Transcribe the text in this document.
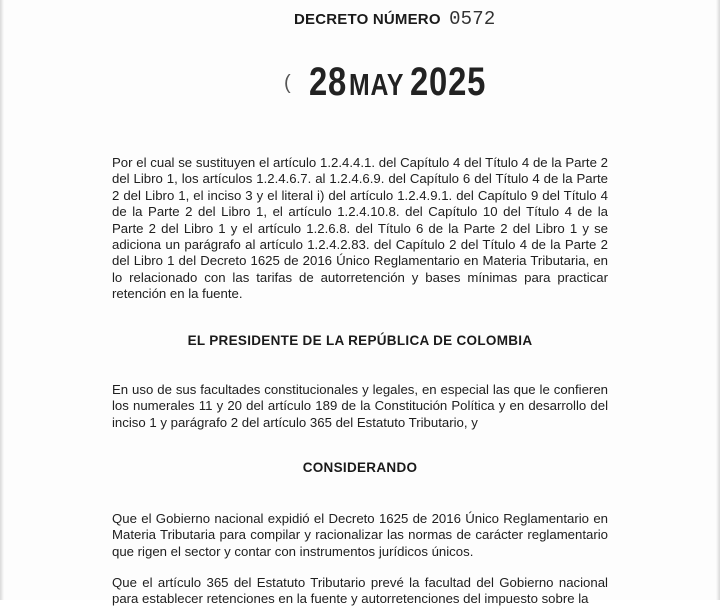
DECRETO NÚMERO 0572
( 28MAY 2025
Por el cual se sustituyen el artículo 1.2.4.4.1. del Capítulo 4 del Título 4 de la Parte 2 del Libro 1, los artículos 1.2.4.6.7. al 1.2.4.6.9. del Capítulo 6 del Título 4 de la Parte 2 del Libro 1, el inciso 3 y el literal i) del artículo 1.2.4.9.1. del Capítulo 9 del Título 4 de la Parte 2 del Libro 1, el artículo 1.2.4.10.8. del Capítulo 10 del Título 4 de la Parte 2 del Libro 1 y el artículo 1.2.6.8. del Título 6 de la Parte 2 del Libro 1 y se adiciona un parágrafo al artículo 1.2.4.2.83. del Capítulo 2 del Título 4 de la Parte 2 del Libro 1 del Decreto 1625 de 2016 Único Reglamentario en Materia Tributaria, en lo relacionado con las tarifas de autorretención y bases mínimas para practicar retención en la fuente.
EL PRESIDENTE DE LA REPÚBLICA DE COLOMBIA
En uso de sus facultades constitucionales y legales, en especial las que le confieren los numerales 11 y 20 del artículo 189 de la Constitución Política y en desarrollo del inciso 1 y parágrafo 2 del artículo 365 del Estatuto Tributario, y
CONSIDERANDO
Que el Gobierno nacional expidió el Decreto 1625 de 2016 Único Reglamentario en Materia Tributaria para compilar y racionalizar las normas de carácter reglamentario que rigen el sector y contar con instrumentos jurídicos únicos.
Que el artículo 365 del Estatuto Tributario prevé la facultad del Gobierno nacional para establecer retenciones en la fuente y autorretenciones del impuesto sobre la
